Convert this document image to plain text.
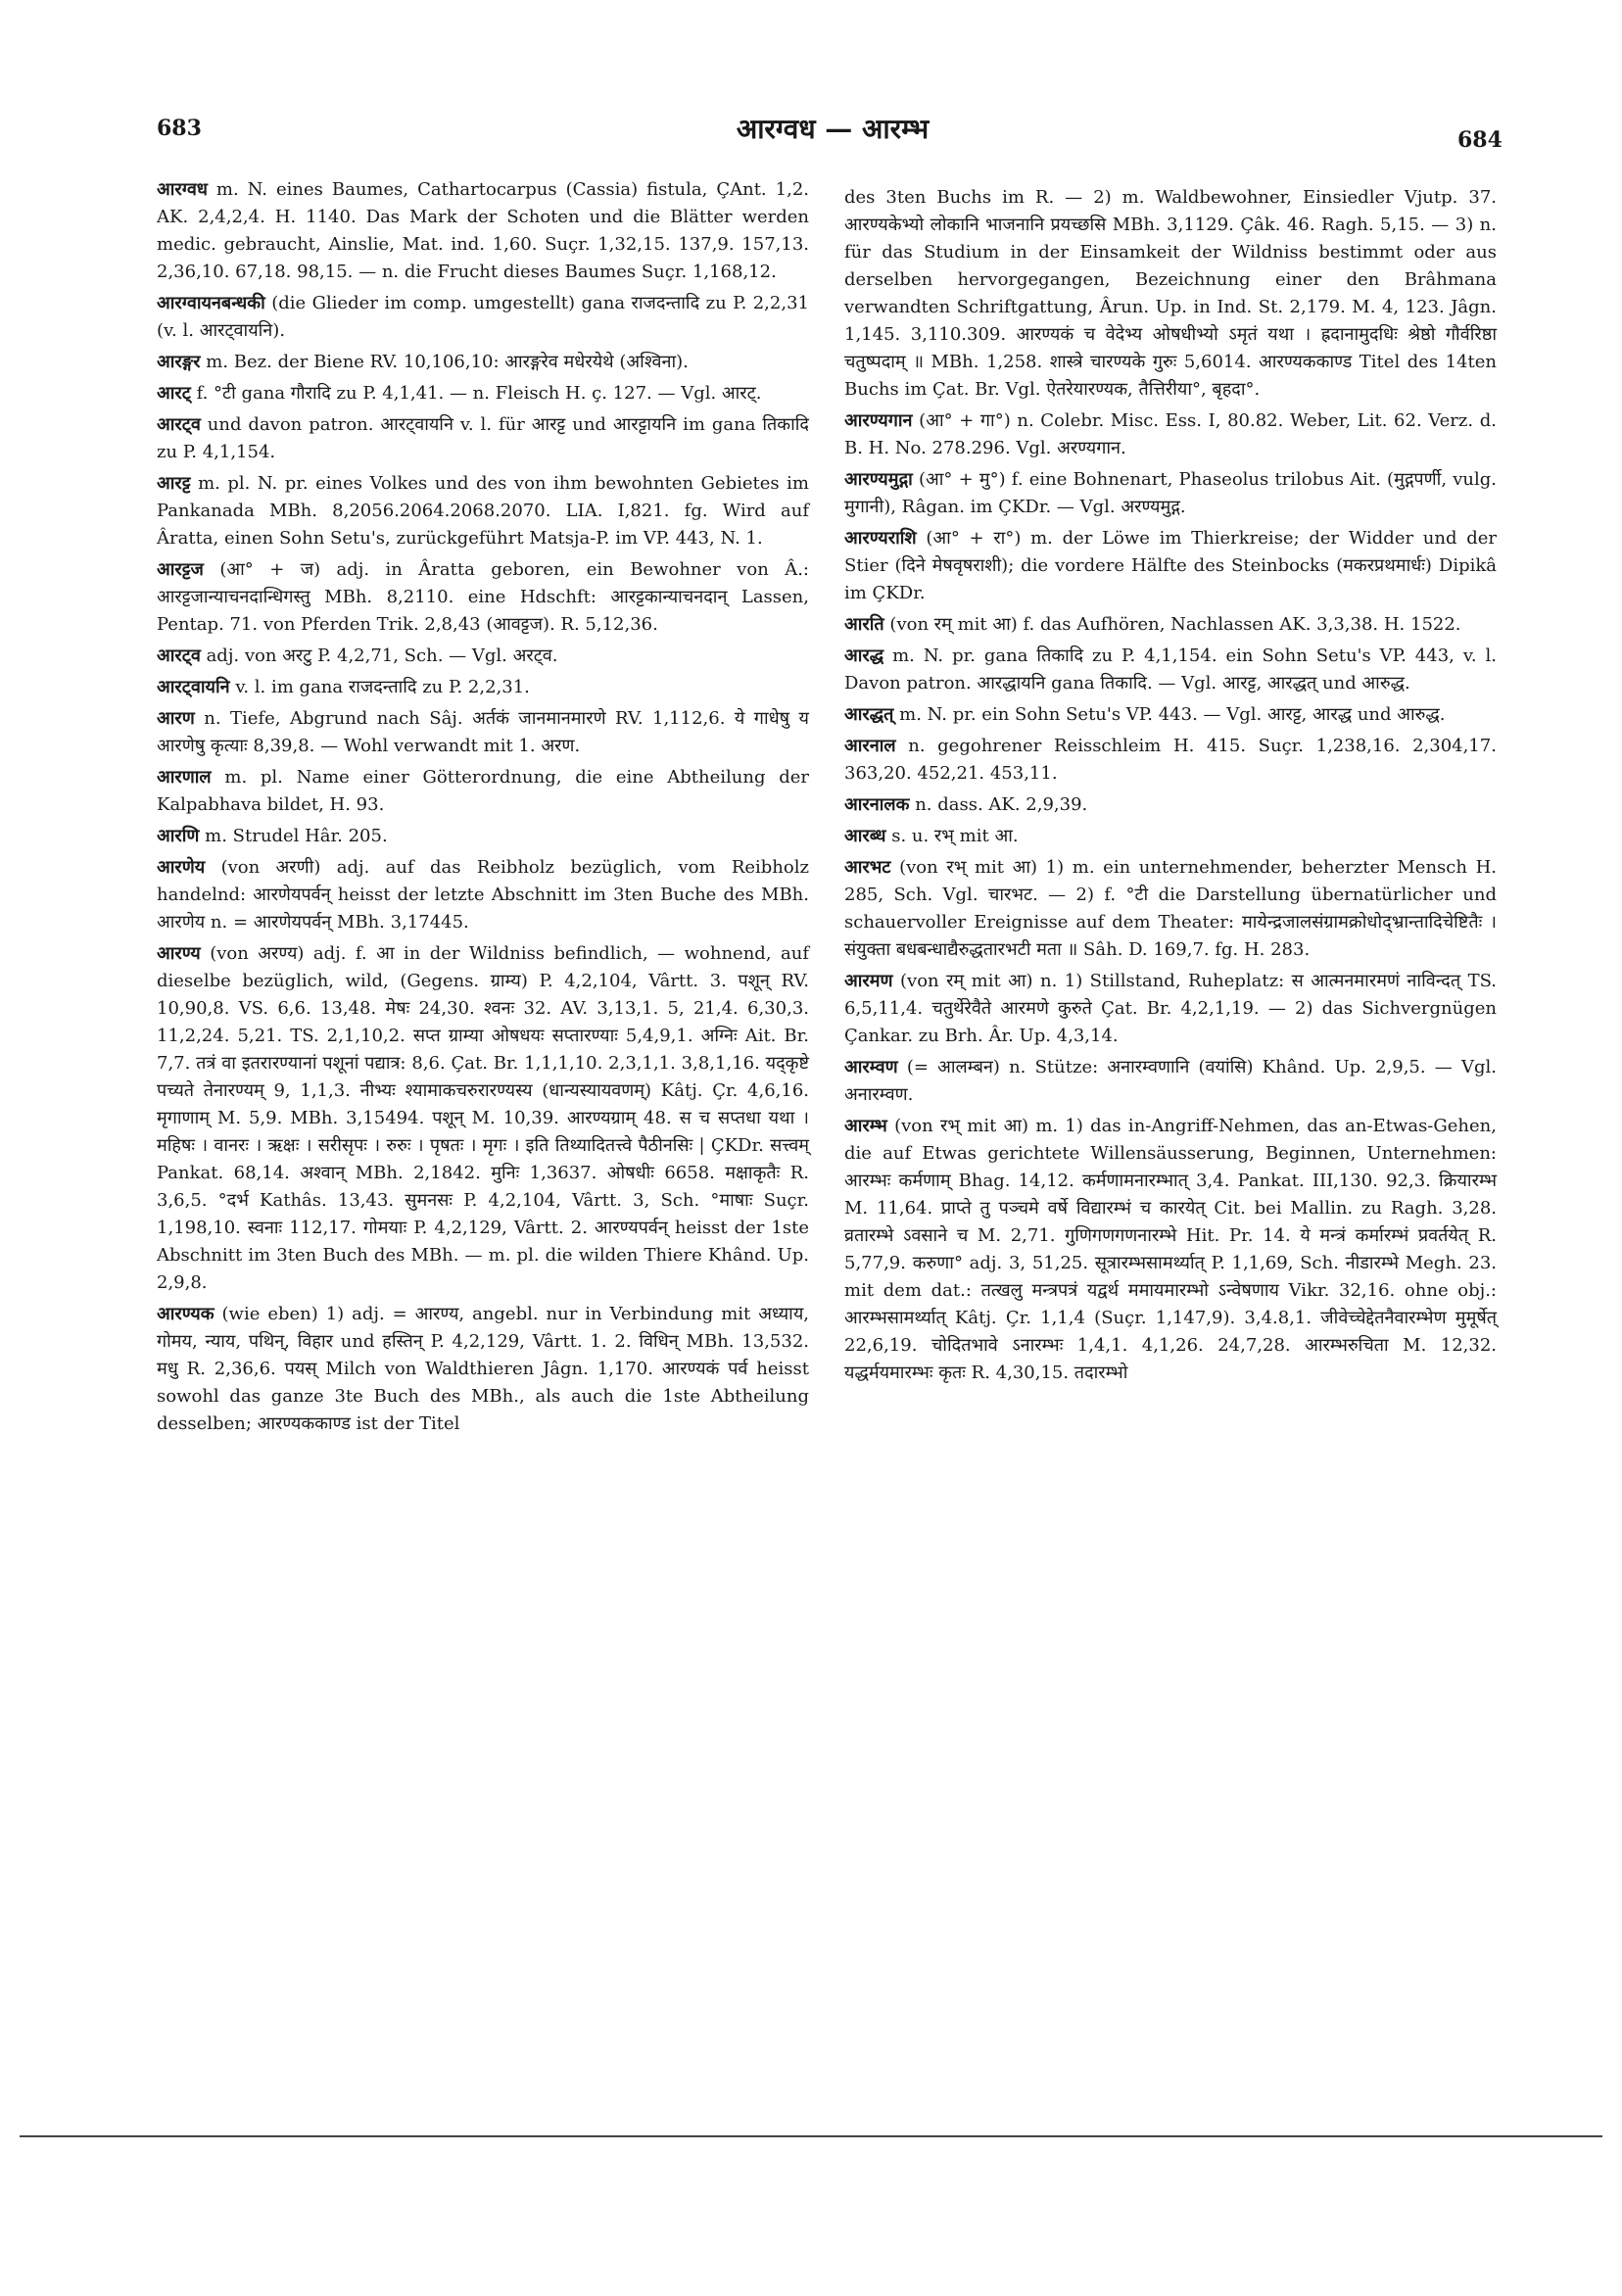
683	आरग्वध — आरम्भ	684

आरग्वध m. N. eines Baumes, Cathartocarpus (Cassia) fistula, ÇAnt. 1,2. AK. 2,4,2,4. H. 1140. Das Mark der Schoten und die Blätter werden medic. gebraucht, Ainslie, Mat. ind. 1,60. Suçr. 1,32,15. 137,9. 157,13. 2,36,10. 67,18. 98,15. — n. die Frucht dieses Baumes Suçr. 1,168,12.

आरग्वायनबन्धकी (die Glieder im comp. umgestellt) gana राजदन्तादि zu P. 2,2,31 (v. l. आरट्वायनि).

आरङ्गर m. Bez. der Biene RV. 10,106,10: आरङ्गरेव मधेरयेथे (अश्विना).

आरट् f. °टी gana गौरादि zu P. 4,1,41. — n. Fleisch H. ç. 127. — Vgl. आरट्.

आरट्व und davon patron. आरट्वायनि v. l. für आरट्ट und आरट्टायनि im gana तिकादि zu P. 4,1,154.

आरट्ट m. pl. N. pr. eines Volkes und des von ihm bewohnten Gebietes im Pankanada MBh. 8,2056.2064.2068.2070. LIA. I,821. fg. Wird auf Âratta, einen Sohn Setu's, zurückgeführt Matsja-P. im VP. 443, N. 1.

आरट्टज (आ° + ज) adj. in Âratta geboren, ein Bewohner von Â.: आरट्टजान्याचनदान्धिगस्तु MBh. 8,2110. eine Hdschft: आरट्टकान्याचनदान् Lassen, Pentap. 71. von Pferden Trik. 2,8,43 (आवट्टज). R. 5,12,36.

आरट्व adj. von अरटु P. 4,2,71, Sch. — Vgl. अरट्व.

आरट्वायनि v. l. im gana राजदन्तादि zu P. 2,2,31.

आरण n. Tiefe, Abgrund nach Sâj. अर्तकं जानमानमारणे RV. 1,112,6. ये गाधेषु य आरणेषु कृत्याः 8,39,8. — Wohl verwandt mit 1. अरण.

आरणाल m. pl. Name einer Götterordnung, die eine Abtheilung der Kalpabhava bildet, H. 93.

आरणि m. Strudel Hâr. 205.

आरणेय (von अरणी) adj. auf das Reibholz bezüglich, vom Reibholz handelnd: आरणेयपर्वन् heisst der letzte Abschnitt im 3ten Buche des MBh. आरणेय n. = आरणेयपर्वन् MBh. 3,17445.

आरण्य (von अरण्य) adj. f. आ in der Wildniss befindlich, — wohnend, auf dieselbe bezüglich, wild, (Gegens. ग्राम्य) P. 4,2,104, Vârtt. 3. पशून् RV. 10,90,8. VS. 6,6. 13,48. मेषः 24,30. श्वनः 32. AV. 3,13,1. 5, 21,4. 6,30,3. 11,2,24. 5,21. TS. 2,1,10,2. सप्त ग्राम्या ओषधयः सप्तारण्याः 5,4,9,1. अग्निः Ait. Br. 7,7. तत्रं वा इतरारण्यानां पशूनां पद्यात्र: 8,6. Çat. Br. 1,1,1,10. 2,3,1,1. 3,8,1,16. यद्कृष्टे पच्यते तेनारण्यम् 9, 1,1,3. नीभ्यः श्यामाकचरुरारण्यस्य (धान्यस्यायवणम्) Kâtj. Çr. 4,6,16. मृगाणाम् M. 5,9. MBh. 3,15494. पशून् M. 10,39. आरण्यग्राम् 48. स च सप्तधा यथा । महिषः । वानरः । ऋक्षः । सरीसृपः । रुरुः । पृषतः । मृगः । इति तिथ्यादितत्त्वे पैठीनसिः | ÇKDr. सत्त्वम् Pankat. 68,14. अश्वान् MBh. 2,1842. मुनिः 1,3637. ओषधीः 6658. मक्षाकृतैः R. 3,6,5. °दर्भ Kathâs. 13,43. सुमनसः P. 4,2,104, Vârtt. 3, Sch. °माषाः Suçr. 1,198,10. स्वनाः 112,17. गोमयाः P. 4,2,129, Vârtt. 2. आरण्यपर्वन् heisst der 1ste Abschnitt im 3ten Buch des MBh. — m. pl. die wilden Thiere Khând. Up. 2,9,8.

आरण्यक (wie eben) 1) adj. = आरण्य, angebl. nur in Verbindung mit अध्याय, गोमय, न्याय, पथिन्, विहार und हस्तिन् P. 4,2,129, Vârtt. 1. 2. विधिन् MBh. 13,532. मधु R. 2,36,6. पयस् Milch von Waldthieren Jâgn. 1,170. आरण्यकं पर्व heisst sowohl das ganze 3te Buch des MBh., als auch die 1ste Abtheilung desselben; आरण्यककाण्ड ist der Titel

des 3ten Buchs im R. — 2) m. Waldbewohner, Einsiedler Vjutp. 37. आरण्यकेभ्यो लोकानि भाजनानि प्रयच्छसि MBh. 3,1129. Çâk. 46. Ragh. 5,15. — 3) n. für das Studium in der Einsamkeit der Wildniss bestimmt oder aus derselben hervorgegangen, Bezeichnung einer den Brâhmana verwandten Schriftgattung, Ârun. Up. in Ind. St. 2,179. M. 4, 123. Jâgn. 1,145. 3,110.309. आरण्यकं च वेदेभ्य ओषधीभ्यो ऽमृतं यथा । ह्रदानामुदधिः श्रेष्ठो गौर्वरिष्ठा चतुष्पदाम् ॥ MBh. 1,258. शास्त्रे चारण्यके गुरुः 5,6014. आरण्यककाण्ड Titel des 14ten Buchs im Çat. Br. Vgl. ऐतरेयारण्यक, तैत्तिरीया°, बृहदा°.

आरण्यगान (आ° + गा°) n. Colebr. Misc. Ess. I, 80.82. Weber, Lit. 62. Verz. d. B. H. No. 278.296. Vgl. अरण्यगान.

आरण्यमुद्गा (आ° + मु°) f. eine Bohnenart, Phaseolus trilobus Ait. (मुद्गपर्णी, vulg. मुगानी), Râgan. im ÇKDr. — Vgl. अरण्यमुद्ग.

आरण्यराशि (आ° + रा°) m. der Löwe im Thierkreise; der Widder und der Stier (दिने मेषवृषराशी); die vordere Hälfte des Steinbocks (मकरप्रथमार्धः) Dipikâ im ÇKDr.

आरति (von रम् mit आ) f. das Aufhören, Nachlassen AK. 3,3,38. H. 1522.

आरद्ध m. N. pr. gana तिकादि zu P. 4,1,154. ein Sohn Setu's VP. 443, v. l. Davon patron. आरद्धायनि gana तिकादि. — Vgl. आरट्ट, आरद्धत् und आरुद्ध.

आरद्धत् m. N. pr. ein Sohn Setu's VP. 443. — Vgl. आरट्ट, आरद्ध und आरुद्ध.

आरनाल n. gegohrener Reisschleim H. 415. Suçr. 1,238,16. 2,304,17. 363,20. 452,21. 453,11.

आरनालक n. dass. AK. 2,9,39.

आरब्ध s. u. रभ् mit आ.

आरभट (von रभ् mit आ) 1) m. ein unternehmender, beherzter Mensch H. 285, Sch. Vgl. चारभट. — 2) f. °टी die Darstellung übernatürlicher und schauervoller Ereignisse auf dem Theater: मायेन्द्रजालसंग्रामक्रोधोद्भ्रान्तादिचेष्टितैः । संयुक्ता बधबन्धाद्यैरुद्धतारभटी मता ॥ Sâh. D. 169,7. fg. H. 283.

आरमण (von रम् mit आ) n. 1) Stillstand, Ruheplatz: स आत्मनमारमणं नाविन्दत् TS. 6,5,11,4. चतुर्थेरेवैते आरमणे कुरुते Çat. Br. 4,2,1,19. — 2) das Sichvergnügen Çankar. zu Brh. Âr. Up. 4,3,14.

आरम्वण (= आलम्बन) n. Stütze: अनारम्वणानि (वयांसि) Khând. Up. 2,9,5. — Vgl. अनारम्वण.

आरम्भ (von रभ् mit आ) m. 1) das in-Angriff-Nehmen, das an-Etwas-Gehen, die auf Etwas gerichtete Willensäusserung, Beginnen, Unternehmen: आरम्भः कर्मणाम् Bhag. 14,12. कर्मणामनारम्भात् 3,4. Pankat. III,130. 92,3. क्रियारम्भ M. 11,64. प्राप्ते तु पञ्चमे वर्षे विद्यारम्भं च कारयेत् Cit. bei Mallin. zu Ragh. 3,28. व्रतारम्भे ऽवसाने च M. 2,71. गुणिगणगणनारम्भे Hit. Pr. 14. ये मन्त्रं कर्मारम्भं प्रवर्तयेत् R. 5,77,9. करुणा° adj. 3, 51,25. सूत्रारम्भसामर्थ्यात् P. 1,1,69, Sch. नीडारम्भे Megh. 23. mit dem dat.: तत्खलु मन्त्रपत्रं यद्वर्थ ममायमारम्भो ऽन्वेषणाय Vikr. 32,16. ohne obj.: आरम्भसामर्थ्यात् Kâtj. Çr. 1,1,4 (Suçr. 1,147,9). 3,4.8,1. जीवेच्चेद्देतनैवारम्भेण मुमूर्षेत् 22,6,19. चोदितभावे ऽनारम्भः 1,4,1. 4,1,26. 24,7,28. आरम्भरुचिता M. 12,32. यद्धर्मयमारम्भः कृतः R. 4,30,15. तदारम्भो
